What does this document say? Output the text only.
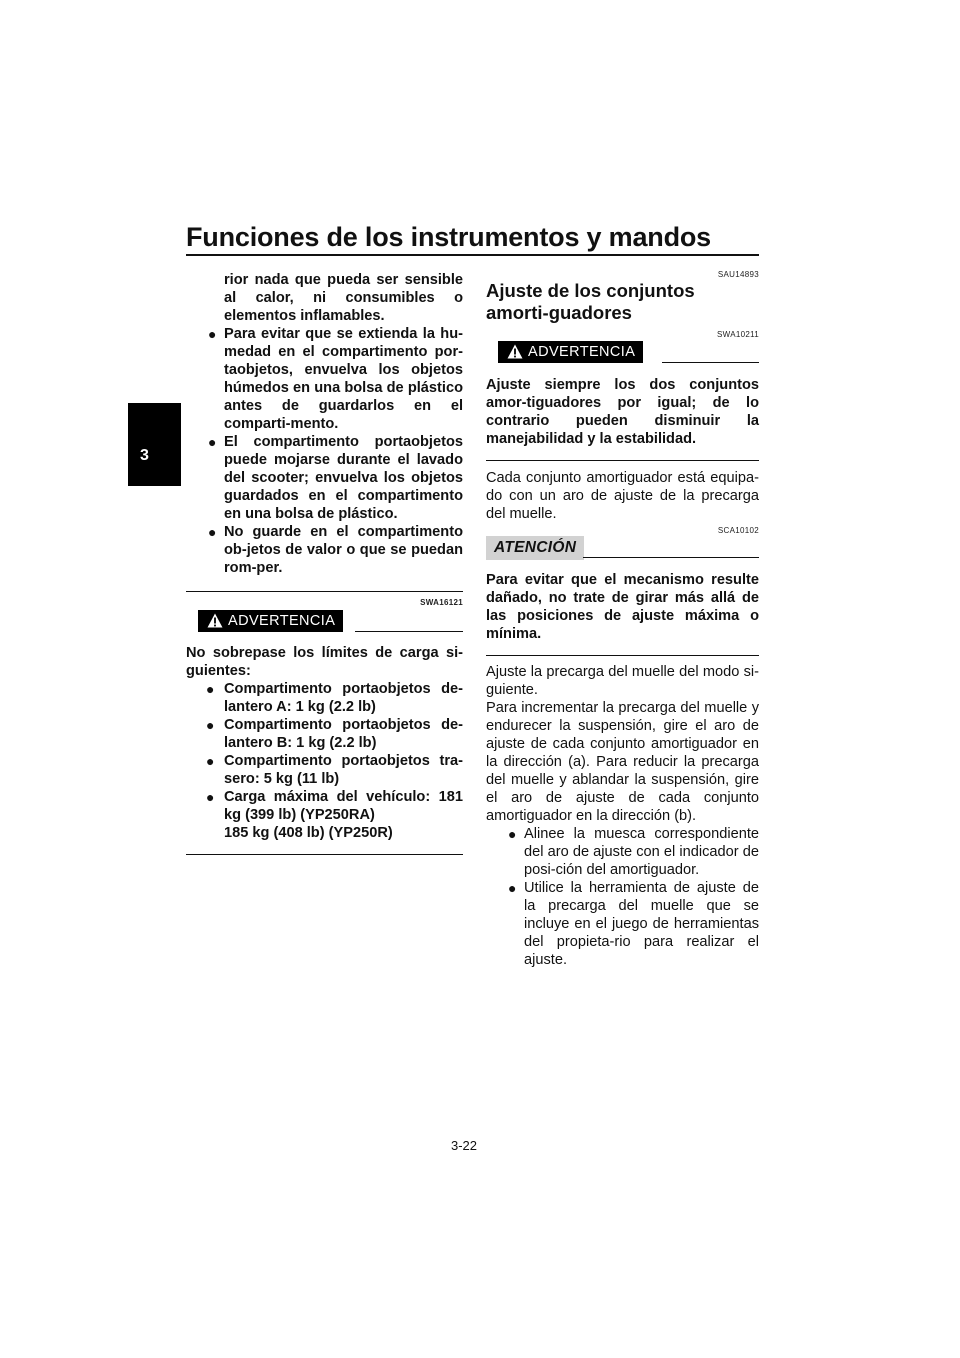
Funciones de los instrumentos y mandos
3

rior nada que pueda ser sensible al calor, ni consumibles o elementos inflamables.

● Para evitar que se extienda la hu-medad en el compartimento por-taobjetos, envuelva los objetos húmedos en una bolsa de plástico antes de guardarlos en el comparti-mento.
● El compartimento portaobjetos puede mojarse durante el lavado del scooter; envuelva los objetos guardados en el compartimento en una bolsa de plástico.
● No guarde en el compartimento ob-jetos de valor o que se puedan rom-per.
SWA16121
ADVERTENCIA

No sobrepase los límites de carga si-guientes:

● Compartimento portaobjetos de-lantero A: 1 kg (2.2 lb)
● Compartimento portaobjetos de-lantero B: 1 kg (2.2 lb)
● Compartimento portaobjetos tra-sero: 5 kg (11 lb)
● Carga máxima del vehículo: 181 kg (399 lb) (YP250RA)

185 kg (408 lb) (YP250R)

SAU14893
Ajuste de los conjuntos amorti-guadores
SWA10211
ADVERTENCIA

Ajuste siempre los dos conjuntos amor-tiguadores por igual; de lo contrario pueden disminuir la manejabilidad y la estabilidad.

Cada conjunto amortiguador está equipa-do con un aro de ajuste de la precarga del muelle.

SCA10102
ATENCIÓN

Para evitar que el mecanismo resulte dañado, no trate de girar más allá de las posiciones de ajuste máxima o mínima.

Ajuste la precarga del muelle del modo si-guiente.

Para incrementar la precarga del muelle y endurecer la suspensión, gire el aro de ajuste de cada conjunto amortiguador en la dirección (a). Para reducir la precarga del muelle y ablandar la suspensión, gire el aro de ajuste de cada conjunto amortiguador en la dirección (b).

● Alinee la muesca correspondiente del aro de ajuste con el indicador de posi-ción del amortiguador.
● Utilice la herramienta de ajuste de la precarga del muelle que se incluye en el juego de herramientas del propieta-rio para realizar el ajuste.
3-22
